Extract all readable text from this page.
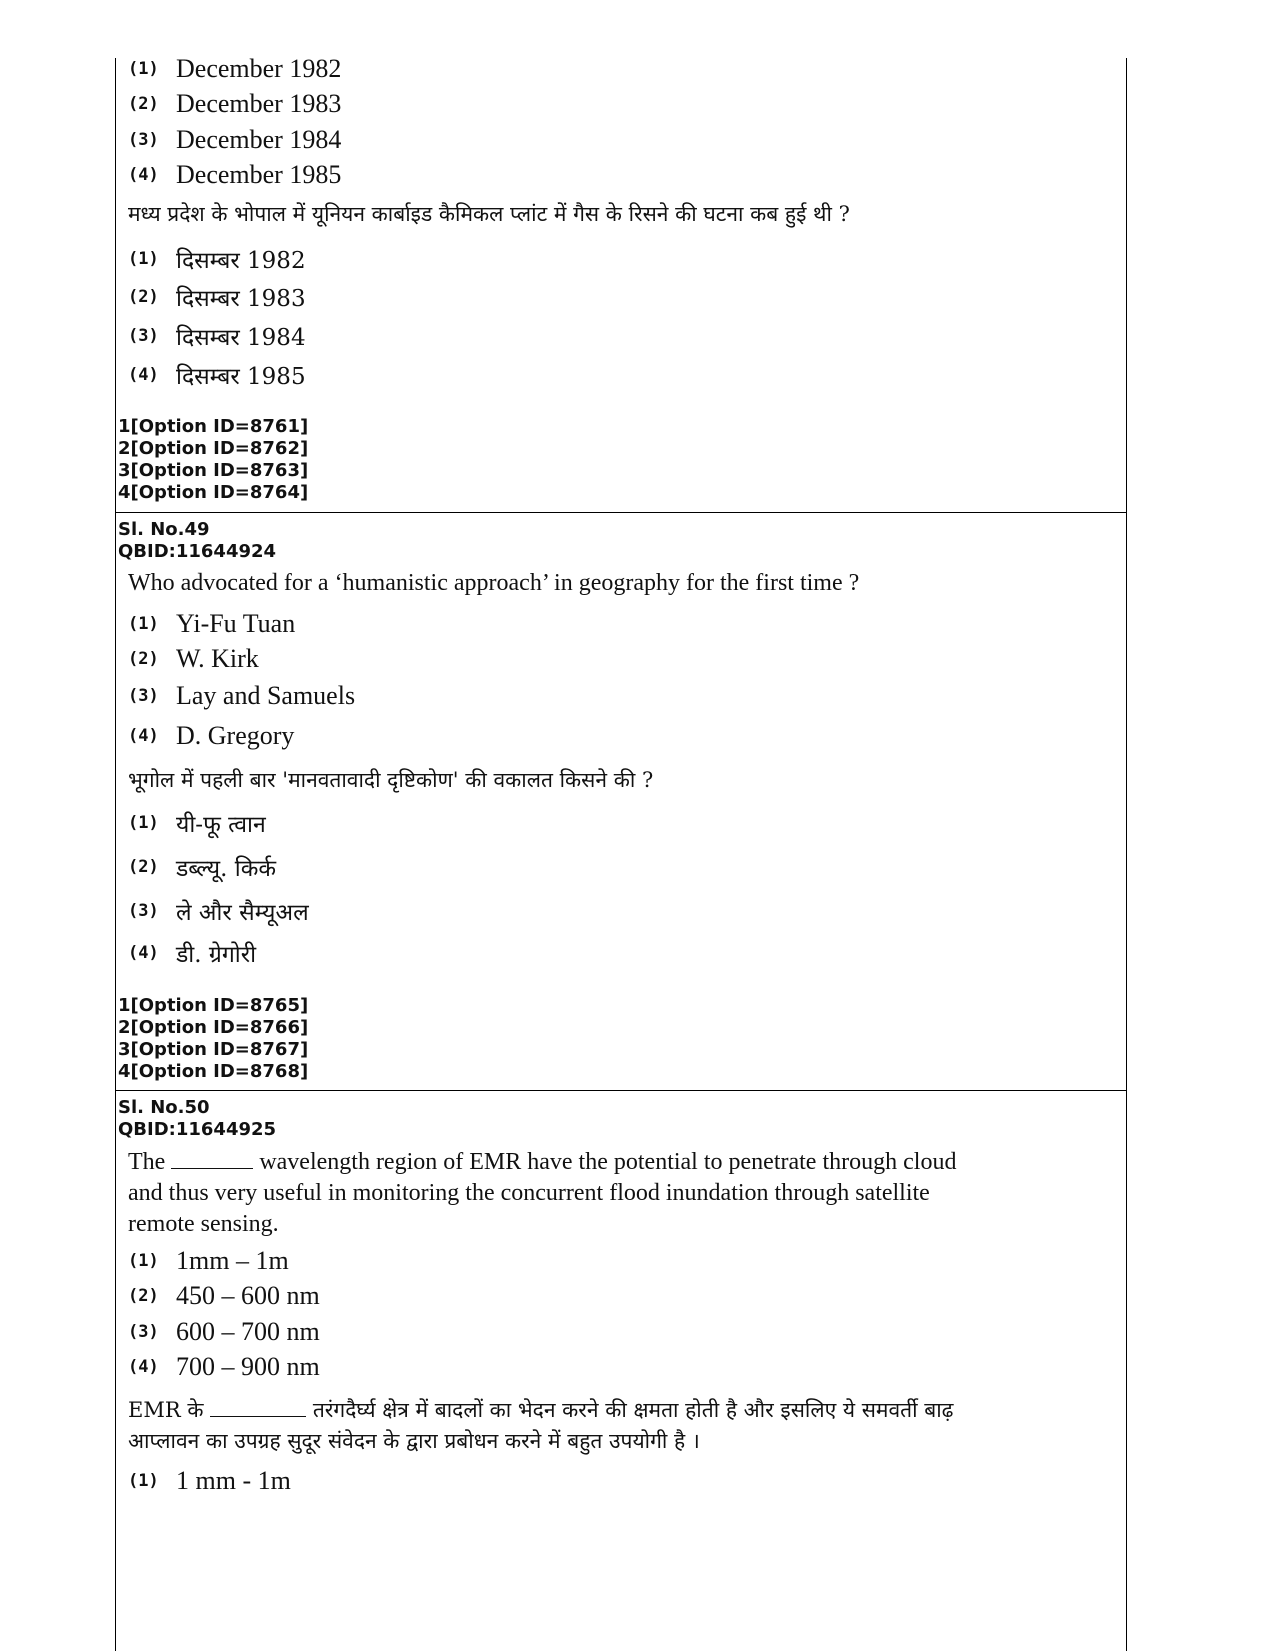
(1) December 1982
(2) December 1983
(3) December 1984
(4) December 1985
मध्य प्रदेश के भोपाल में यूनियन कार्बाइड कैमिकल प्लांट में गैस के रिसने की घटना कब हुई थी ?
(1) दिसम्बर 1982
(2) दिसम्बर 1983
(3) दिसम्बर 1984
(4) दिसम्बर 1985
1[Option ID=8761]
2[Option ID=8762]
3[Option ID=8763]
4[Option ID=8764]
Sl. No.49
QBID:11644924
Who advocated for a ‘humanistic approach’ in geography for the first time ?
(1) Yi-Fu Tuan
(2) W. Kirk
(3) Lay and Samuels
(4) D. Gregory
भूगोल में पहली बार 'मानवतावादी दृष्टिकोण' की वकालत किसने की ?
(1) यी-फू त्वान
(2) डब्ल्यू. किर्क
(3) ले और सैम्यूअल
(4) डी. ग्रेगोरी
1[Option ID=8765]
2[Option ID=8766]
3[Option ID=8767]
4[Option ID=8768]
Sl. No.50
QBID:11644925
The	wavelength region of EMR have the potential to penetrate through cloud and thus very useful in monitoring the concurrent flood inundation through satellite remote sensing.
(1) 1mm – 1m
(2) 450 – 600 nm
(3) 600 – 700 nm
(4) 700 – 900 nm
EMR के	तरंगदैर्घ्य क्षेत्र में बादलों का भेदन करने की क्षमता होती है और इसलिए ये समवर्ती बाढ़ आप्लावन का उपग्रह सुदूर संवेदन के द्वारा प्रबोधन करने में बहुत उपयोगी है ।
(1) 1 mm - 1m
